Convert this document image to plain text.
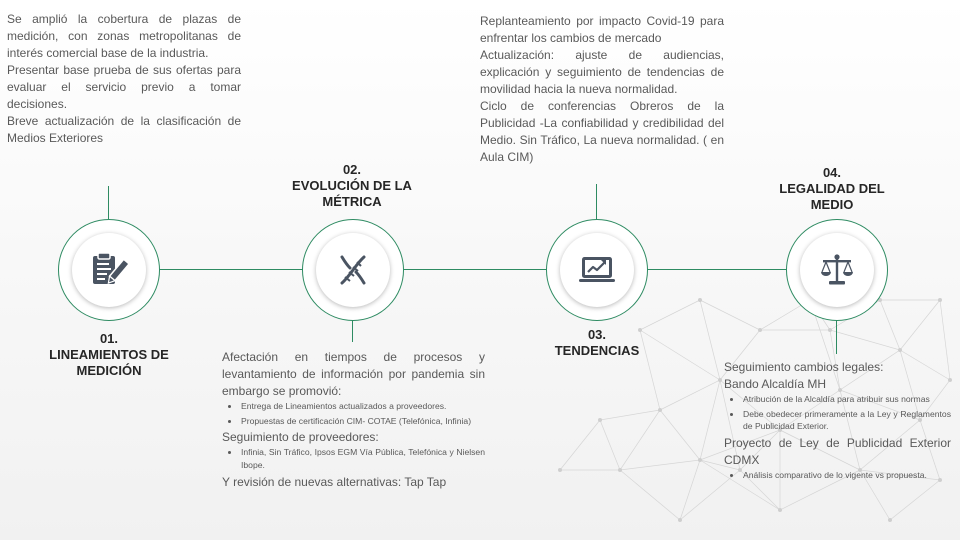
01.
LINEAMIENTOS DE MEDICIÓN
02.
EVOLUCIÓN DE LA MÉTRICA
03.
TENDENCIAS
04.
LEGALIDAD DEL MEDIO

Se amplió la cobertura de plazas de medición, con zonas metropolitanas de interés comercial base de la industria.

Presentar base prueba de sus ofertas para evaluar el servicio previo a tomar decisiones.

Breve actualización de la clasificación de Medios Exteriores

Afectación en tiempos de procesos y levantamiento de información por pandemia sin embargo se promovió:

• Entrega de Lineamientos actualizados a proveedores.
• Propuestas de certificación CIM- COTAE (Telefónica, Infinia)

Seguimiento de proveedores:

• Infinia, Sin Tráfico, Ipsos EGM Vía Pública, Telefónica y Nielsen Ibope.

Y revisión de nuevas alternativas: Tap Tap

Replanteamiento por impacto Covid-19 para enfrentar los cambios de mercado

Actualización: ajuste de audiencias, explicación y seguimiento de tendencias de movilidad hacia la nueva normalidad.

Ciclo de conferencias Obreros de la Publicidad -La confiabilidad y credibilidad del Medio. Sin Tráfico, La nueva normalidad. ( en Aula CIM)

Seguimiento cambios legales:

Bando Alcaldía MH

• Atribución de la Alcaldía para atribuir sus normas
• Debe obedecer primeramente a la Ley y Reglamentos de Publicidad Exterior.

Proyecto de Ley de Publicidad Exterior CDMX

• Análisis comparativo de lo vigente vs propuesta.
